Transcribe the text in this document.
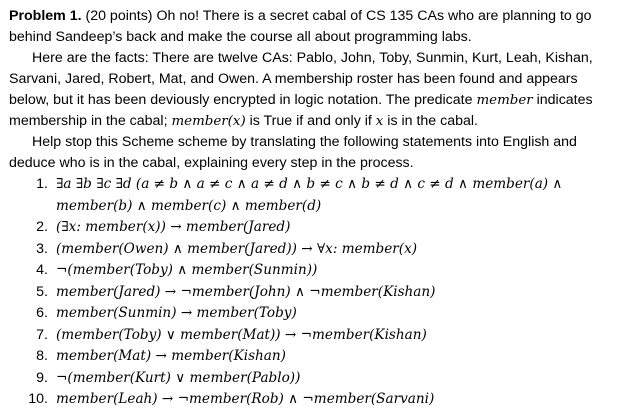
Problem 1. (20 points) Oh no! There is a secret cabal of CS 135 CAs who are planning to go

behind Sandeep’s back and make the course all about programming labs.

Here are the facts: There are twelve CAs: Pablo, John, Toby, Sunmin, Kurt, Leah, Kishan,

Sarvani, Jared, Robert, Mat, and Owen. A membership roster has been found and appears

below, but it has been deviously encrypted in logic notation. The predicate member indicates

membership in the cabal; member(x) is True if and only if x is in the cabal.

Help stop this Scheme scheme by translating the following statements into English and

deduce who is in the cabal, explaining every step in the process.

1. ∃a ∃b ∃c ∃d (a ≠ b ∧ a ≠ c ∧ a ≠ d ∧ b ≠ c ∧ b ≠ d ∧ c ≠ d ∧ member(a) ∧
member(b) ∧ member(c) ∧ member(d)
2. (∃x: member(x)) → member(Jared)
3. (member(Owen) ∧ member(Jared)) → ∀x: member(x)
4. ¬(member(Toby) ∧ member(Sunmin))
5. member(Jared) → ¬member(John) ∧ ¬member(Kishan)
6. member(Sunmin) → member(Toby)
7. (member(Toby) ∨ member(Mat)) → ¬member(Kishan)
8. member(Mat) → member(Kishan)
9. ¬(member(Kurt) ∨ member(Pablo))
10. member(Leah) → ¬member(Rob) ∧ ¬member(Sarvani)
